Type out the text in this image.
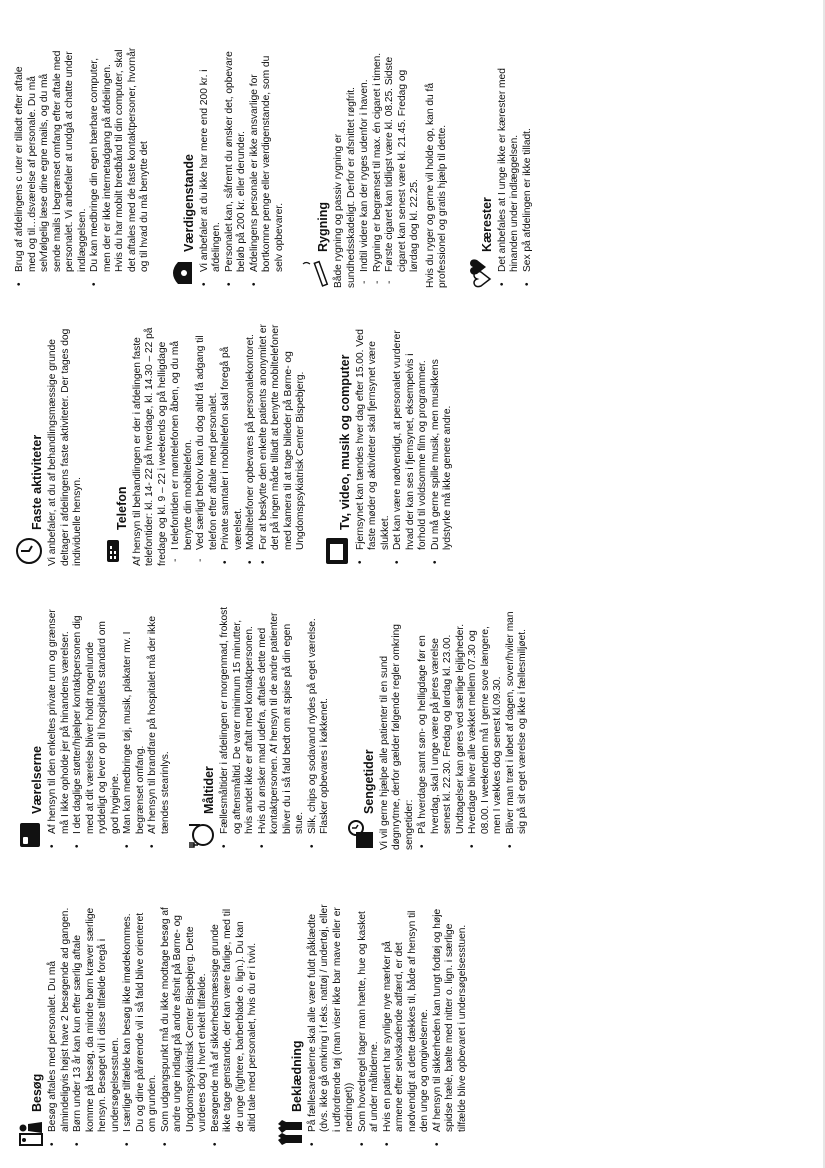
Besøg • Besøg aftales med personalet. Du må almindeligvis højst have 2 besøgende ad gangen. • Børn under 13 år kan kun efter særlig aftale komme på besøg, da mindre børn kræver særlige hensyn. Besøget vil i disse tilfælde foregå i undersøgelsesstuen. • I særlige tilfælde kan besøg ikke imødekommes. Du og dine pårørende vil i så fald blive orienteret om grunden. • Som udgangspunkt må du ikke modtage besøg af andre unge indlagt på andre afsnit på Børne- og Ungdomspsykiatrisk Center Bispebjerg. Dette vurderes dog i hvert enkelt tilfælde. • Besøgende må af sikkerhedsmæssige grunde ikke tage genstande, der kan være farlige, med til de unge (lightere, barberblade o. lign.). Du kan altid tale med personalet, hvis du er i tvivl.	Beklædning • På fællesarealerne skal alle være fuldt påklædte (dvs. ikke gå omkring i f.eks. nattøj / undertøj, eller i udfordrende tøj (man viser ikke bar mave eller er nedringet)) • Som hovedregel tager man hætte, hue og kasket af under måltiderne. • Hvis en patient har synlige nye mærker på armene efter selvskadende adfærd, er det nødvendigt at dette dækkes til, både af hensyn til den unge og omgivelserne. • Af hensyn til sikkerheden kan tungt fodtøj og høje spidse hæle, bælte med nitter o. lign. i særlige tilfælde blive opbevaret i undersøgelsesstuen.
Værelserne • Af hensyn til den enkeltes private rum og grænser må I ikke opholde jer på hinandens værelser. • I det daglige støtter/hjælper kontaktpersonen dig med at dit værelse bliver holdt nogenlunde ryddeligt og lever op til hospitalets standard om god hygiejne. • Man kan medbringe tøj, musik, plakater mv. I begrænset omfang. • Af hensyn til brandfare på hospitalet må der ikke tændes stearinlys.	Måltider • Fællesmåltider i afdelingen er morgenmad, frokost og aftensmåltid. De varer minimum 15 minutter, hvis andet ikke er aftalt med kontaktpersonen. • Hvis du ønsker mad udefra, aftales dette med kontaktpersonen. Af hensyn til de andre patienter bliver du i så fald bedt om at spise på din egen stue. • Slik, chips og sodavand nydes på eget værelse. Flasker opbevares i køkkenet.	Sengetider Vi vil gerne hjælpe alle patienter til en sund døgnrytme, derfor gælder følgende regler omkring sengetider: • På hverdage samt søn- og helligdage før en hverdag, skal I unge være på jeres værelse senest kl. 22.30. Fredag og lørdag kl. 23.00. Undtagelser kan gøres ved særlige lejligheder. • Hverdage bliver alle vækket mellem 07.30 og 08.00. I weekenden må I gerne sove længere, men I vækkes dog senest kl.09.30. • Bliver man træt i løbet af dagen, sover/hviler man sig på sit eget værelse og ikke i fællesmiljøet.
Faste aktiviteter Vi anbefaler, at du af behandlingsmæssige grunde deltager i afdelingens faste aktiviteter. Der tages dog individuelle hensyn.	Telefon Af hensyn til behandlingen er der i afdelingen faste telefontider: kl. 14- 22 på hverdage, kl. 14.30 – 22 på fredage og kl. 9 – 22 i weekends og på helligdage - I telefontiden er møntelefonen åben, og du må benytte din mobiltelefon. - Ved særligt behov kan du dog altid få adgang til telefon efter aftale med personalet. • Private samtaler i mobiltelefon skal foregå på værelset. • Mobiltelefoner opbevares på personalekontoret. • For at beskytte den enkelte patients anonymitet er det på ingen måde tilladt at benytte mobiltelefoner med kamera til at tage billeder på Børne- og Ungdomspsykiatrisk Center Bispebjerg.	Tv, video, musik og computer • Fjernsynet kan tændes hver dag efter 15.00. Ved faste møder og aktiviteter skal fjernsynet være slukket. • Det kan være nødvendigt, at personalet vurderer hvad der kan ses i fjernsynet, eksempelvis i forhold til voldsomme film og programmer. • Du må gerne spille musik, men musikkens lydstyrke må ikke genere andre.
• Brug af afdelingens c uter er tilladt efter aftale med og til…dsværelse af personale. Du må selvfølgelig læse dine egne mails, og du må sende mails i begrænset omfang efter aftale med personalet. Vi anbefaler at undgå at chatte under indlæggelsen. • Du kan medbringe din egen bærbare computer, men der er ikke internetadgang på afdelingen. Hvis du har mobilt bredbånd til din computer, skal det aftales med de faste kontaktpersoner, hvornår og til hvad du må benytte det	Værdigenstande • Vi anbefaler at du ikke har mere end 200 kr. i afdelingen. • Personalet kan, såfremt du ønsker det, opbevare beløb på 200 kr. eller derunder. • Afdelingens personale er ikke ansvarlige for bortkomne penge eller værdigenstande, som du selv opbevarer.	Rygning Både rygning og passiv rygning er sundhedsskadeligt. Derfor er afsnittet røgfrit. - Indtil videre kan der ryges udenfor i haven. - Rygning er begrænset til max. én cigaret i timen. - Første cigaret kan tidligst være kl. 08.25. Sidste cigaret kan senest være kl. 21.45. Fredag og lørdag dog kl. 22.25. Hvis du ryger og gerne vil holde op, kan du få professionel og gratis hjælp til dette.	Kærester • Det anbefales at I unge ikke er kærester med hinanden under indlæggelsen. • Sex på afdelingen er ikke tilladt.
